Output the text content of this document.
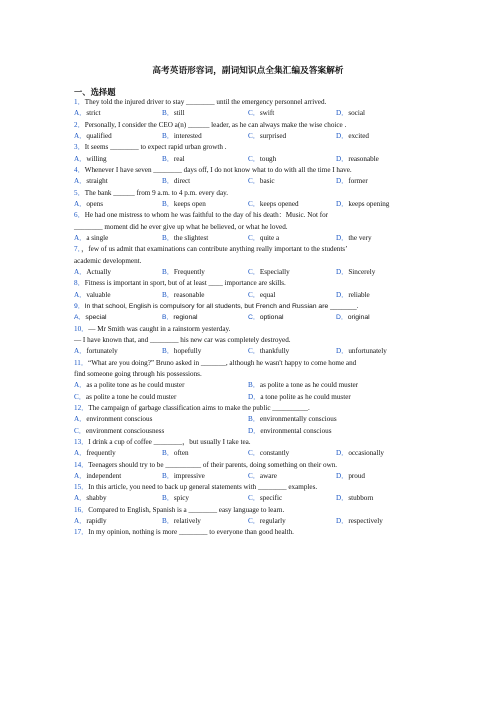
高考英语形容词，副词知识点全集汇编及答案解析
一、选择题
1．They told the injured driver to stay ________ until the emergency personnel arrived.
A．strict	B．still	C．swift	D．social
2．Personally, I consider the CEO a(n) ______ leader, as he can always make the wise choice .
A．qualified	B．interested	C．surprised	D．excited
3．It seems ________ to expect rapid urban growth .
A．willing	B．real	C．tough	D．reasonable
4．Whenever I have seven ________ days off, I do not know what to do with all the time I have.
A．straight	B．direct	C．basic	D．former
5．The bank ______ from 9 a.m. to 4 p.m. every day.
A．opens	B．keeps open	C．keeps opened	D．keeps opening
6．He had one mistress to whom he was faithful to the day of his death：Music. Not for
________ moment did he ever give up what he believed, or what he loved.
A．a single	B．the slightest	C．quite a	D．the very
7．，few of us admit that examinations can contribute anything really important to the students’
academic development.
A．Actually	B．Frequently	C．Especially	D．Sincerely
8．Fitness is important in sport, but of at least ____ importance are skills.
A．valuable	B．reasonable	C．equal	D．reliable
9．In that school, English is compulsory for all students, but French and Russian are _______.
A．special	B．regional	C．optional	D．original
10．— Mr Smith was caught in a rainstorm yesterday.
— I have known that, and ________ his new car was completely destroyed.
A．fortunately	B．hopefully	C．thankfully	D．unfortunately
11．“What are you doing?” Bruno asked in _______, although he wasn't happy to come home and
find someone going through his possessions.
A．as a polite tone as he could muster	B．as polite a tone as he could muster
C．as polite a tone he could muster	D．a tone polite as he could muster
12．The campaign of garbage classification aims to make the public __________.
A．environment conscious	B．environmentally conscious
C．environment consciousness	D．environmental conscious
13．I drink a cup of coffee ________，but usually I take tea.
A．frequently	B．often	C．constantly	D．occasionally
14．Teenagers should try to be __________ of their parents, doing something on their own.
A．independent	B．impressive	C．aware	D．proud
15．In this article, you need to back up general statements with ________ examples.
A．shabby	B．spicy	C．specific	D．stubborn
16．Compared to English, Spanish is a ________ easy language to learn.
A．rapidly	B．relatively	C．regularly	D．respectively
17．In my opinion, nothing is more ________ to everyone than good health.
